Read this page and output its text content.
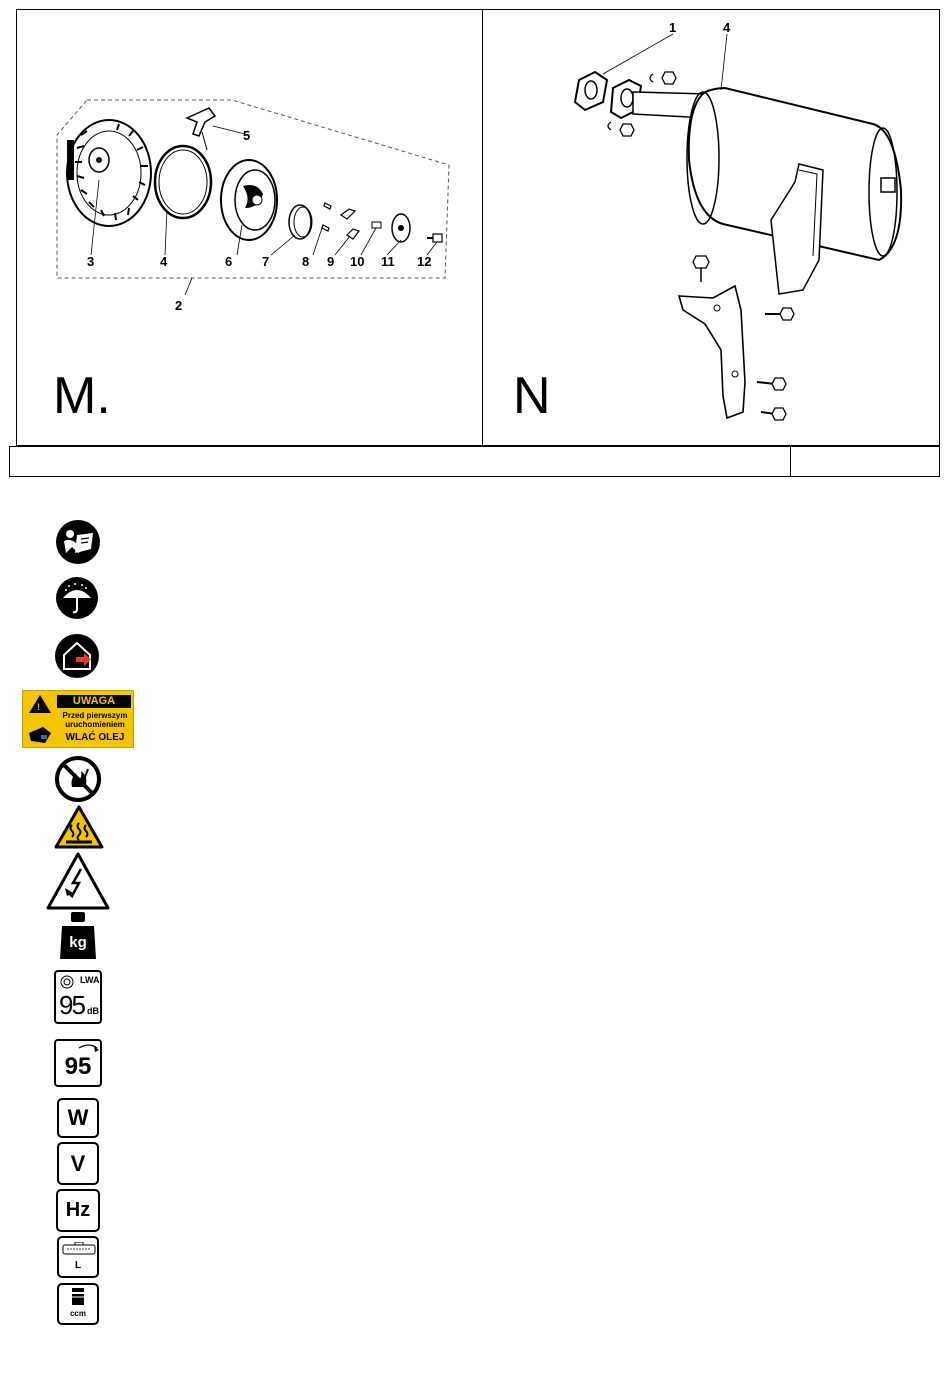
3	4
5
6 7	8 9 10 11 12
2
M.
1	4
N
!	UWAGA
Przed pierwszym
uruchomieniem
WLAĆ OLEJ
kg
LWA
95 dB
95
W
V
Hz
L
ccm
